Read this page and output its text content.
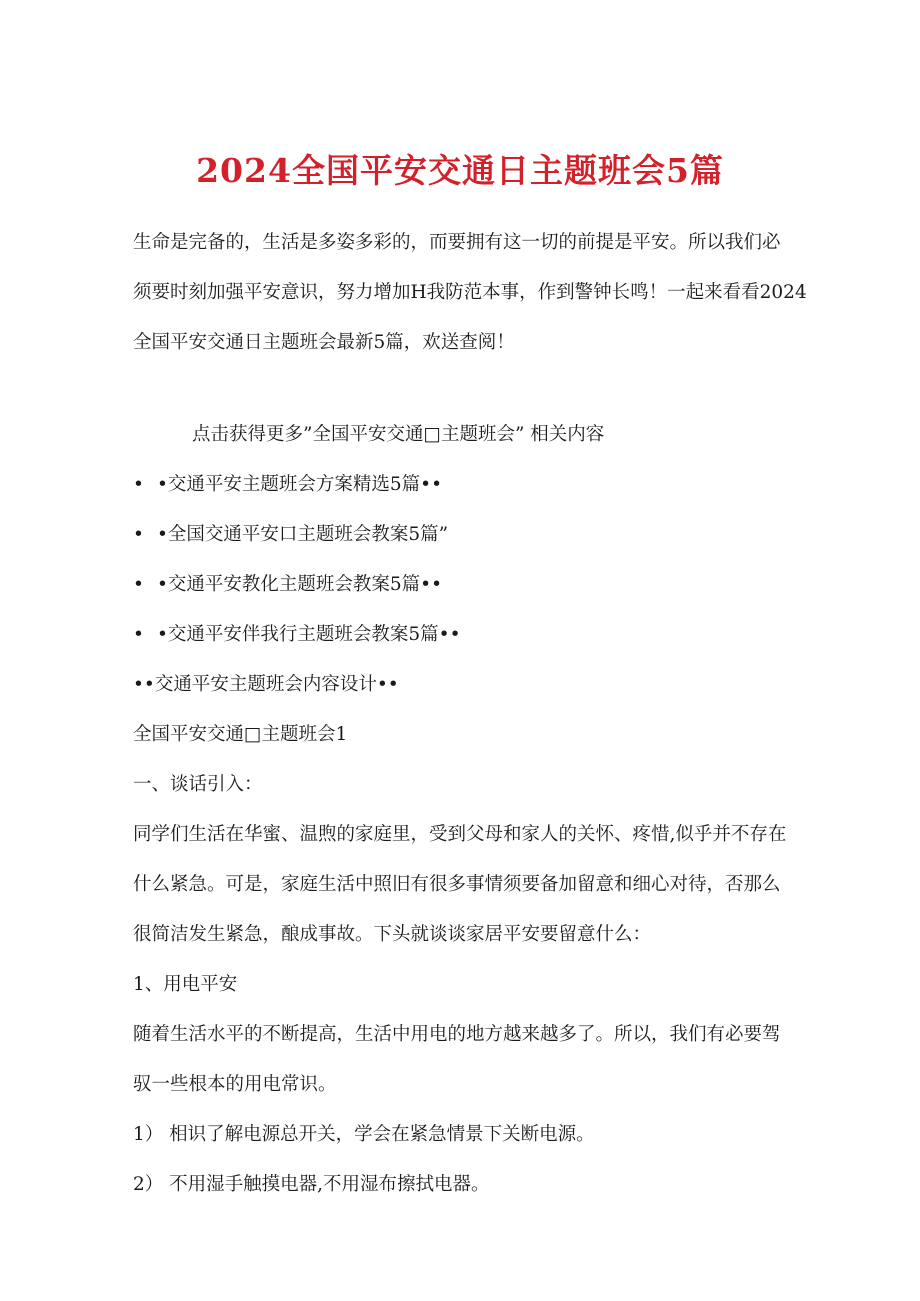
2024全国平安交通日主题班会5篇
生命是完备的，生活是多姿多彩的，而要拥有这一切的前提是平安。所以我们必
须要时刻加强平安意识，努力增加H我防范本事，作到警钟长鸣！一起来看看2024
全国平安交通日主题班会最新5篇，欢送查阅！
点击获得更多”全国平安交通□主题班会” 相关内容
• •交通平安主题班会方案精选5篇••
• •全国交通平安口主题班会教案5篇”
• •交通平安教化主题班会教案5篇••
• •交通平安伴我行主题班会教案5篇••
••交通平安主题班会内容设计••
全国平安交通□主题班会1
一、谈话引入：
同学们生活在华蜜、温煦的家庭里，受到父母和家人的关怀、疼惜,似乎并不存在
什么紧急。可是，家庭生活中照旧有很多事情须要备加留意和细心对待，否那么
很简洁发生紧急，酿成事故。下头就谈谈家居平安要留意什么：
1、用电平安
随着生活水平的不断提高，生活中用电的地方越来越多了。所以，我们有必要驾
驭一些根本的用电常识。
1） 相识了解电源总开关，学会在紧急情景下关断电源。
2） 不用湿手触摸电器,不用湿布擦拭电器。
